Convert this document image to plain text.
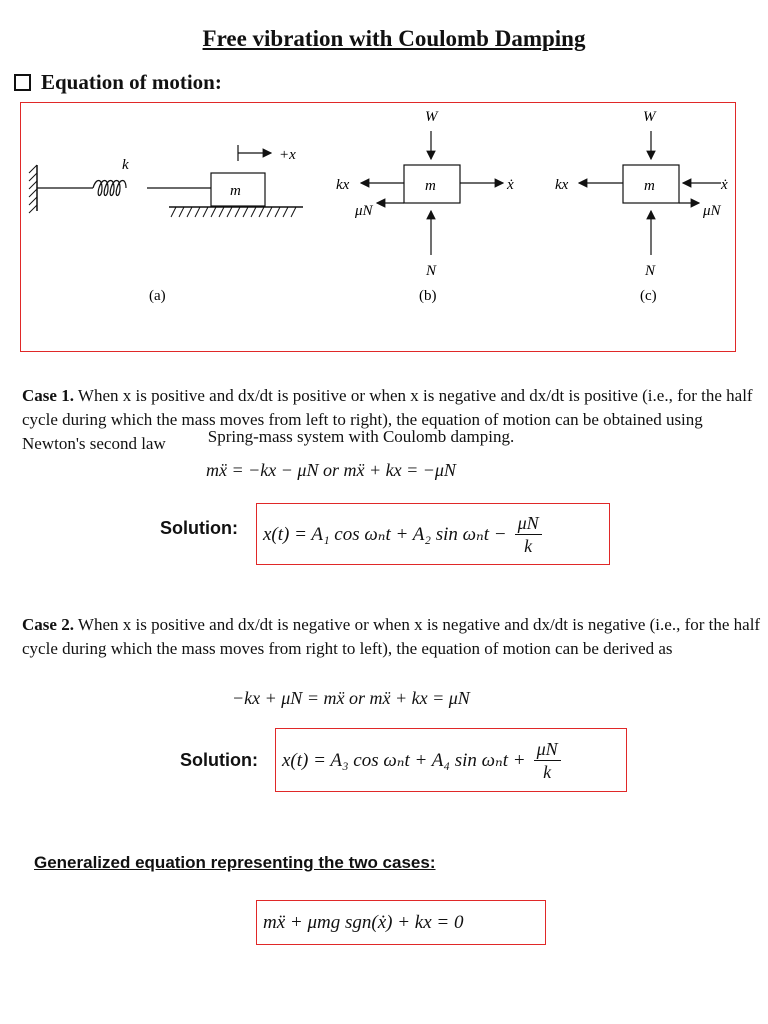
Free vibration with Coulomb Damping
Equation of motion:
+x
k
m
(a)
W
m
kx	ẋ
μN
N
(b)
W
m
kx	ẋ
μN
N
(c)
Spring-mass system with Coulomb damping.
Case 1. When x is positive and dx/dt is positive or when x is negative and dx/dt is positive (i.e., for the half cycle during which the mass moves from left to right), the equation of motion can be obtained using Newton's second law
mẍ = −kx − μN or mẍ + kx = −μN
Solution: x(t) = A₁ cos ωₙt + A₂ $\sin \omega_nt - \frac{\mu N}{k}$
Case 2. When x is positive and dx/dt is negative or when x is negative and dx/dt is negative (i.e., for the half cycle during which the mass moves from right to left), the equation of motion can be derived as
−kx + μN = mẍ or mẍ + kx = μN
Solution: x(t) = A₃ cos ωₙt + A₄ $\sin \omega_nt + \frac{\mu N}{k}$
Generalized equation representing the two cases:
mẍ + μmg sgn(ẋ) + kx = 0
